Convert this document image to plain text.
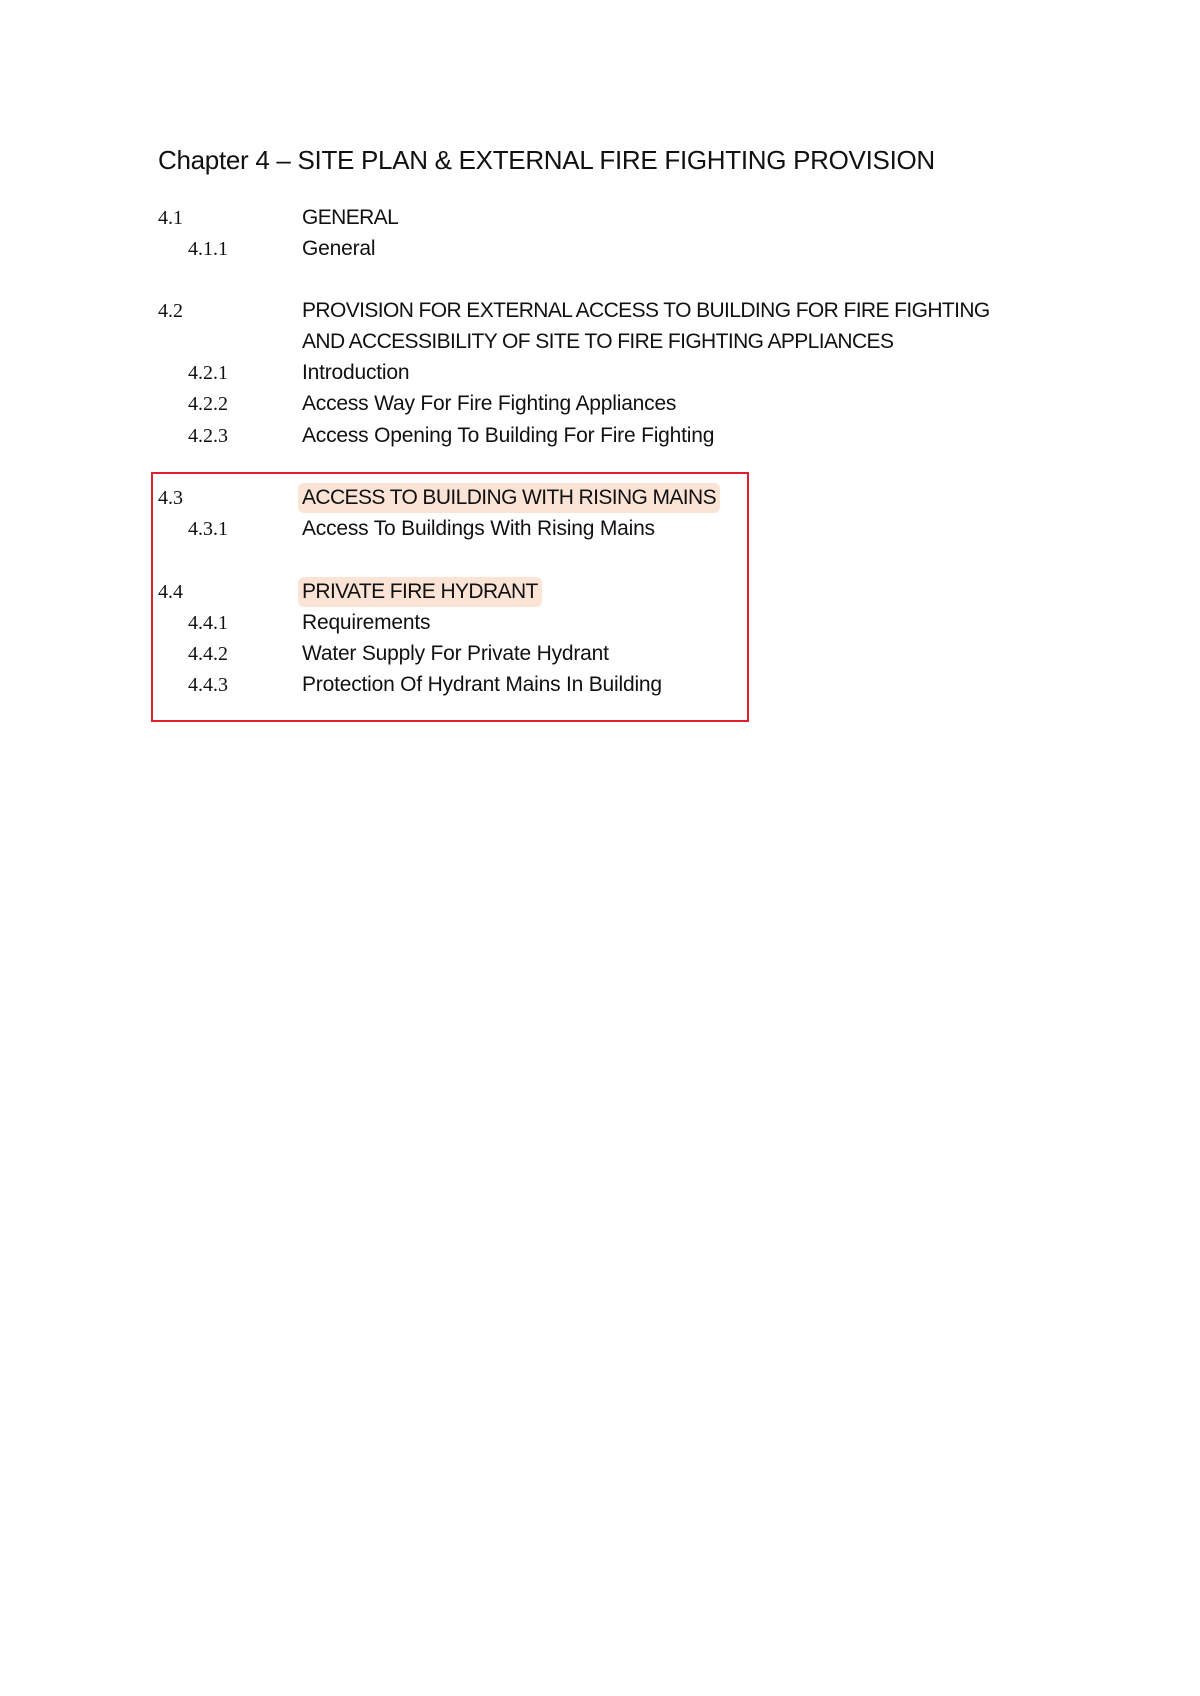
Chapter 4 – SITE PLAN & EXTERNAL FIRE FIGHTING PROVISION
4.1	GENERAL
4.1.1	General
4.2	PROVISION FOR EXTERNAL ACCESS TO BUILDING FOR FIRE FIGHTING
AND ACCESSIBILITY OF SITE TO FIRE FIGHTING APPLIANCES
4.2.1	Introduction
4.2.2	Access Way For Fire Fighting Appliances
4.2.3	Access Opening To Building For Fire Fighting
4.3	ACCESS TO BUILDING WITH RISING MAINS
4.3.1	Access To Buildings With Rising Mains
4.4	PRIVATE FIRE HYDRANT
4.4.1	Requirements
4.4.2	Water Supply For Private Hydrant
4.4.3	Protection Of Hydrant Mains In Building
